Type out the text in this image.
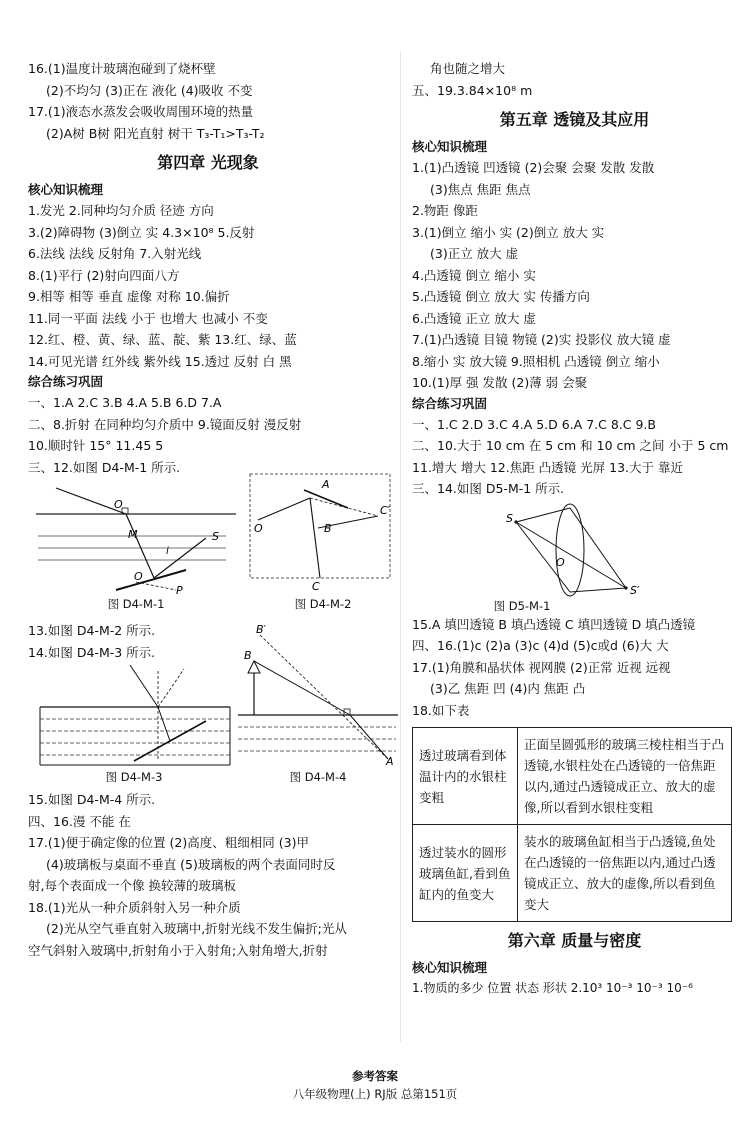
16.(1)温度计玻璃泡碰到了烧杯壁
(2)不均匀 (3)正在 液化 (4)吸收 不变
17.(1)液态水蒸发会吸收周围环境的热量
(2)A树 B树 阳光直射 树干 T₃-T₁>T₃-T₂
第四章 光现象
核心知识梳理
1.发光 2.同种均匀介质 径迹 方向
3.(2)障碍物 (3)倒立 实 4.3×10⁸ 5.反射
6.法线 法线 反射角 7.入射光线
8.(1)平行 (2)射向四面八方
9.相等 相等 垂直 虚像 对称 10.偏折
11.同一平面 法线 小于 也增大 也减小 不变
12.红、橙、黄、绿、蓝、靛、紫 13.红、绿、蓝
14.可见光谱 红外线 紫外线 15.透过 反射 白 黑
综合练习巩固
一、1.A 2.C 3.B 4.A 5.B 6.D 7.A
二、8.折射 在同种均匀介质中 9.镜面反射 漫反射
10.顺时针 15° 11.45 5
三、12.如图 D4-M-1 所示.
O
M
O
S
P
i
图 D4-M-1
O
A
B
C
C′
图 D4-M-2
13.如图 D4-M-2 所示.
14.如图 D4-M-3 所示.
图 D4-M-3
B′
B
A
图 D4-M-4
15.如图 D4-M-4 所示.
四、16.漫 不能 在
17.(1)便于确定像的位置 (2)高度、粗细相同 (3)甲
(4)玻璃板与桌面不垂直 (5)玻璃板的两个表面同时反
射,每个表面成一个像 换较薄的玻璃板
18.(1)光从一种介质斜射入另一种介质
(2)光从空气垂直射入玻璃中,折射光线不发生偏折;光从
空气斜射入玻璃中,折射角小于入射角;入射角增大,折射
角也随之增大
五、19.3.84×10⁸ m
第五章 透镜及其应用
核心知识梳理
1.(1)凸透镜 凹透镜 (2)会聚 会聚 发散 发散
(3)焦点 焦距 焦点
2.物距 像距
3.(1)倒立 缩小 实 (2)倒立 放大 实
(3)正立 放大 虚
4.凸透镜 倒立 缩小 实
5.凸透镜 倒立 放大 实 传播方向
6.凸透镜 正立 放大 虚
7.(1)凸透镜 目镜 物镜 (2)实 投影仪 放大镜 虚
8.缩小 实 放大镜 9.照相机 凸透镜 倒立 缩小
10.(1)厚 强 发散 (2)薄 弱 会聚
综合练习巩固
一、1.C 2.D 3.C 4.A 5.D 6.A 7.C 8.C 9.B
二、10.大于 10 cm 在 5 cm 和 10 cm 之间 小于 5 cm
11.增大 增大 12.焦距 凸透镜 光屏 13.大于 靠近
三、14.如图 D5-M-1 所示.
S
O
S′
图 D5-M-1
15.A 填凹透镜 B 填凸透镜 C 填凹透镜 D 填凸透镜
四、16.(1)c (2)a (3)c (4)d (5)c或d (6)大 大
17.(1)角膜和晶状体 视网膜 (2)正常 近视 远视
(3)乙 焦距 凹 (4)内 焦距 凸
18.如下表
透过玻璃看到体温计内的水银柱变粗	正面呈圆弧形的玻璃三棱柱相当于凸透镜,水银柱处在凸透镜的一倍焦距以内,通过凸透镜成正立、放大的虚像,所以看到水银柱变粗
透过装水的圆形玻璃鱼缸,看到鱼缸内的鱼变大	装水的玻璃鱼缸相当于凸透镜,鱼处在凸透镜的一倍焦距以内,通过凸透镜成正立、放大的虚像,所以看到鱼变大
第六章 质量与密度
核心知识梳理
1.物质的多少 位置 状态 形状 2.10³ 10⁻³ 10⁻³ 10⁻⁶
参考答案
八年级物理(上) RJ版 总第151页
